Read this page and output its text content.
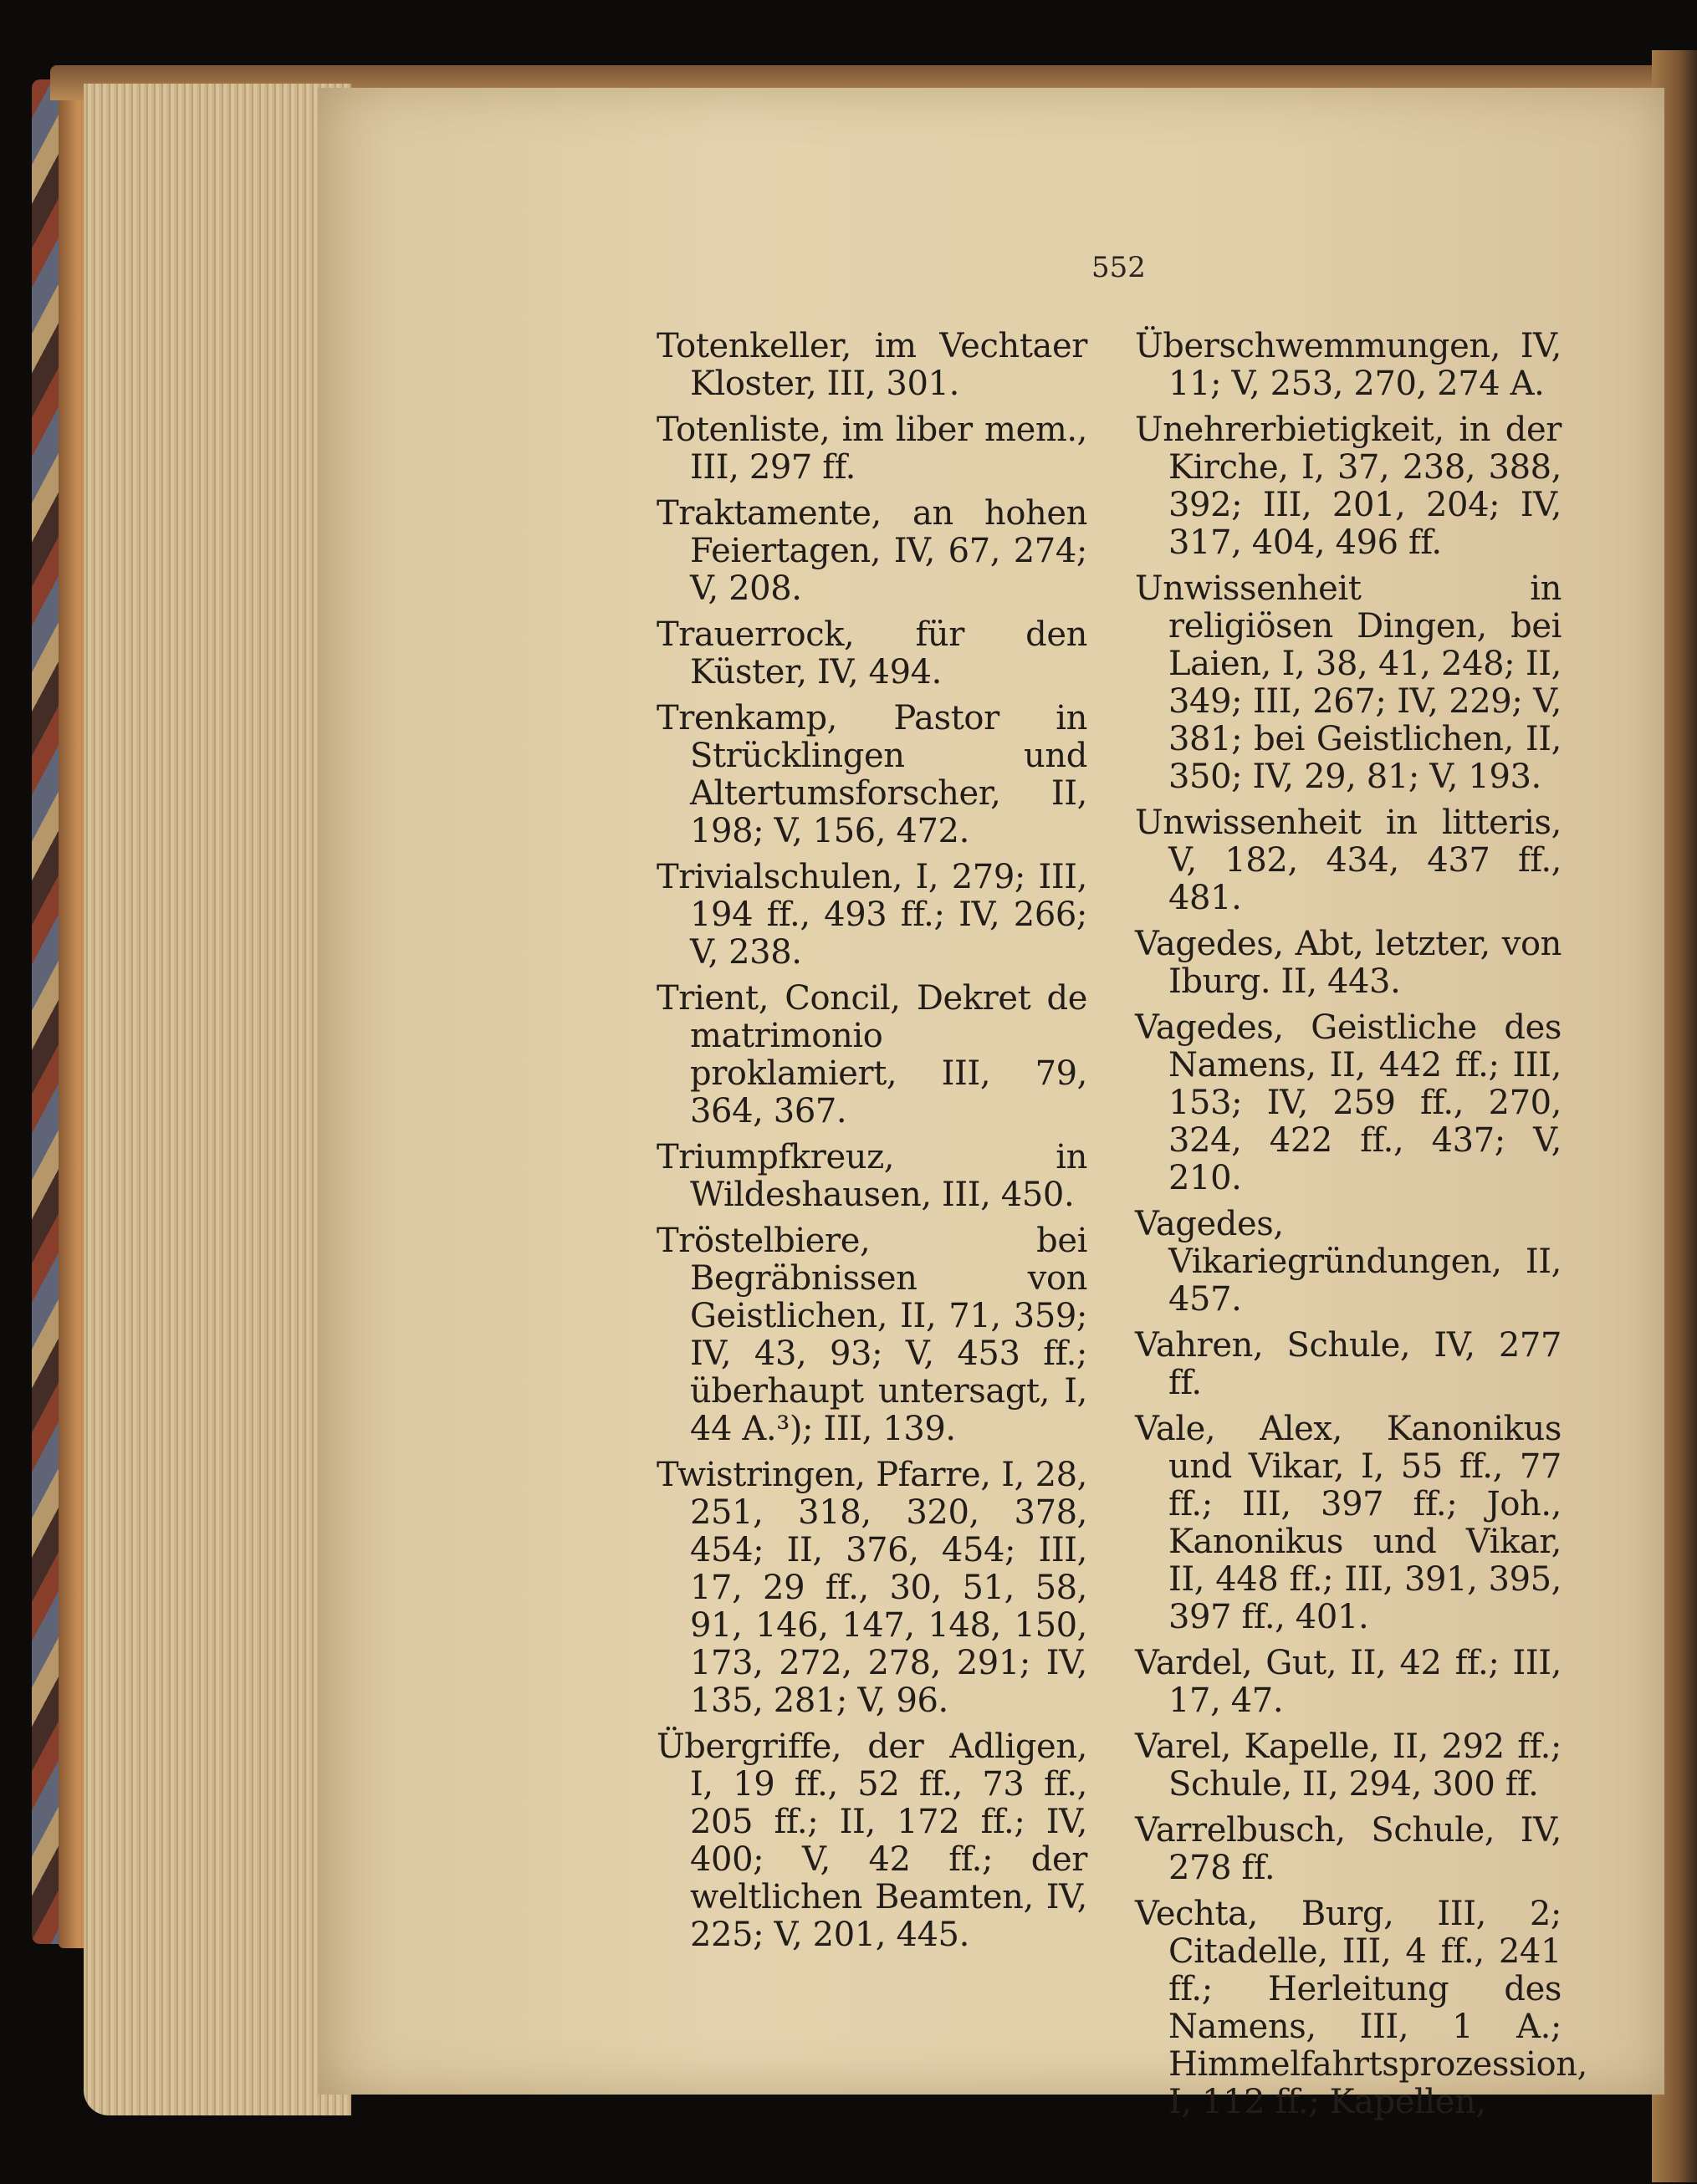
552

Totenkeller, im Vechtaer Kloster, III, 301.

Totenliste, im liber mem., III, 297 ff.

Traktamente, an hohen Feiertagen, IV, 67, 274; V, 208.

Trauerrock, für den Küster, IV, 494.

Trenkamp, Pastor in Strücklingen und Altertumsforscher, II, 198; V, 156, 472.

Trivialschulen, I, 279; III, 194 ff., 493 ff.; IV, 266; V, 238.

Trient, Concil, Dekret de matrimonio proklamiert, III, 79, 364, 367.

Triumpfkreuz, in Wildeshausen, III, 450.

Tröstelbiere, bei Begräbnissen von Geistlichen, II, 71, 359; IV, 43, 93; V, 453 ff.; überhaupt untersagt, I, 44 A.³); III, 139.

Twistringen, Pfarre, I, 28, 251, 318, 320, 378, 454; II, 376, 454; III, 17, 29 ff., 30, 51, 58, 91, 146, 147, 148, 150, 173, 272, 278, 291; IV, 135, 281; V, 96.

Übergriffe, der Adligen, I, 19 ff., 52 ff., 73 ff., 205 ff.; II, 172 ff.; IV, 400; V, 42 ff.; der weltlichen Beamten, IV, 225; V, 201, 445.

Überschwemmungen, IV, 11; V, 253, 270, 274 A.

Unehrerbietigkeit, in der Kirche, I, 37, 238, 388, 392; III, 201, 204; IV, 317, 404, 496 ff.

Unwissenheit in religiösen Dingen, bei Laien, I, 38, 41, 248; II, 349; III, 267; IV, 229; V, 381; bei Geistlichen, II, 350; IV, 29, 81; V, 193.

Unwissenheit in litteris, V, 182, 434, 437 ff., 481.

Vagedes, Abt, letzter, von Iburg. II, 443.

Vagedes, Geistliche des Namens, II, 442 ff.; III, 153; IV, 259 ff., 270, 324, 422 ff., 437; V, 210.

Vagedes, Vikariegründungen, II, 457.

Vahren, Schule, IV, 277 ff.

Vale, Alex, Kanonikus und Vikar, I, 55 ff., 77 ff.; III, 397 ff.; Joh., Kanonikus und Vikar, II, 448 ff.; III, 391, 395, 397 ff., 401.

Vardel, Gut, II, 42 ff.; III, 17, 47.

Varel, Kapelle, II, 292 ff.; Schule, II, 294, 300 ff.

Varrelbusch, Schule, IV, 278 ff.

Vechta, Burg, III, 2; Citadelle, III, 4 ff., 241 ff.; Herleitung des Namens, III, 1 A.; Himmelfahrtsprozession, I, 112 ff.; Kapellen,
